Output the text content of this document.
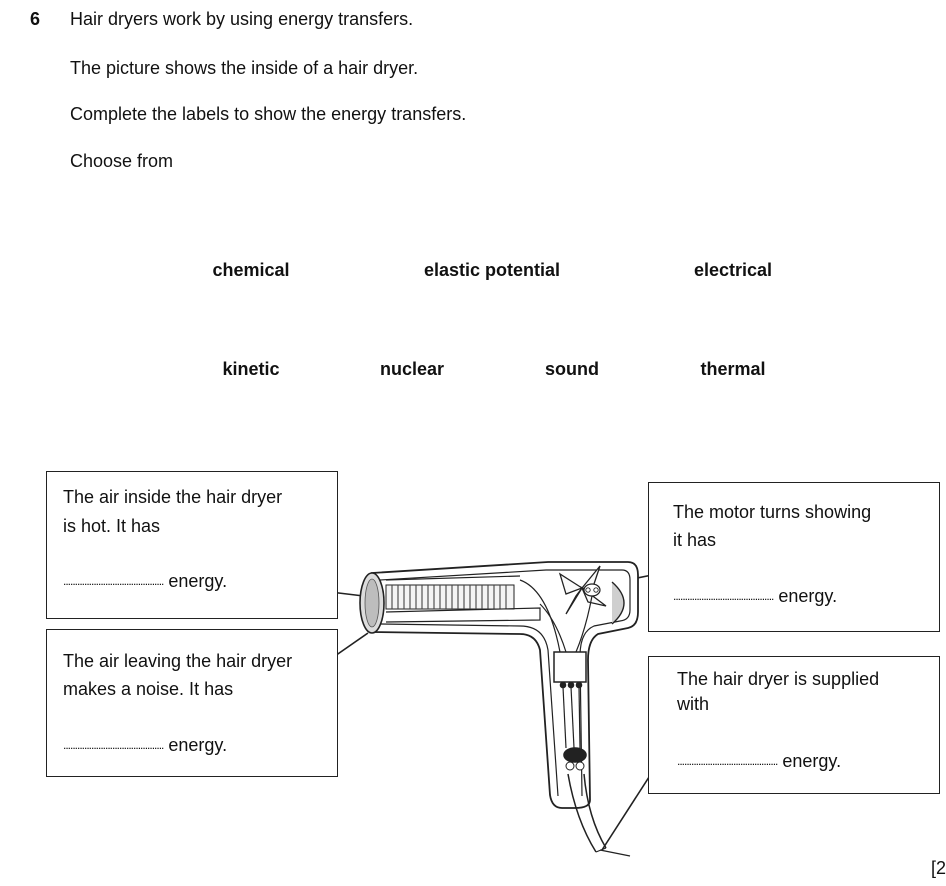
6 Hair dryers work by using energy transfers.
The picture shows the inside of a hair dryer.
Complete the labels to show the energy transfers.
Choose from
chemical	elastic potential	electrical
kinetic	nuclear	sound	thermal
The air inside the hair dryer
is hot. It has
........................................... energy.
The air leaving the hair dryer
makes a noise. It has
........................................... energy.
The motor turns showing
it has
........................................... energy.
The hair dryer is supplied
with
........................................... energy.
[2
